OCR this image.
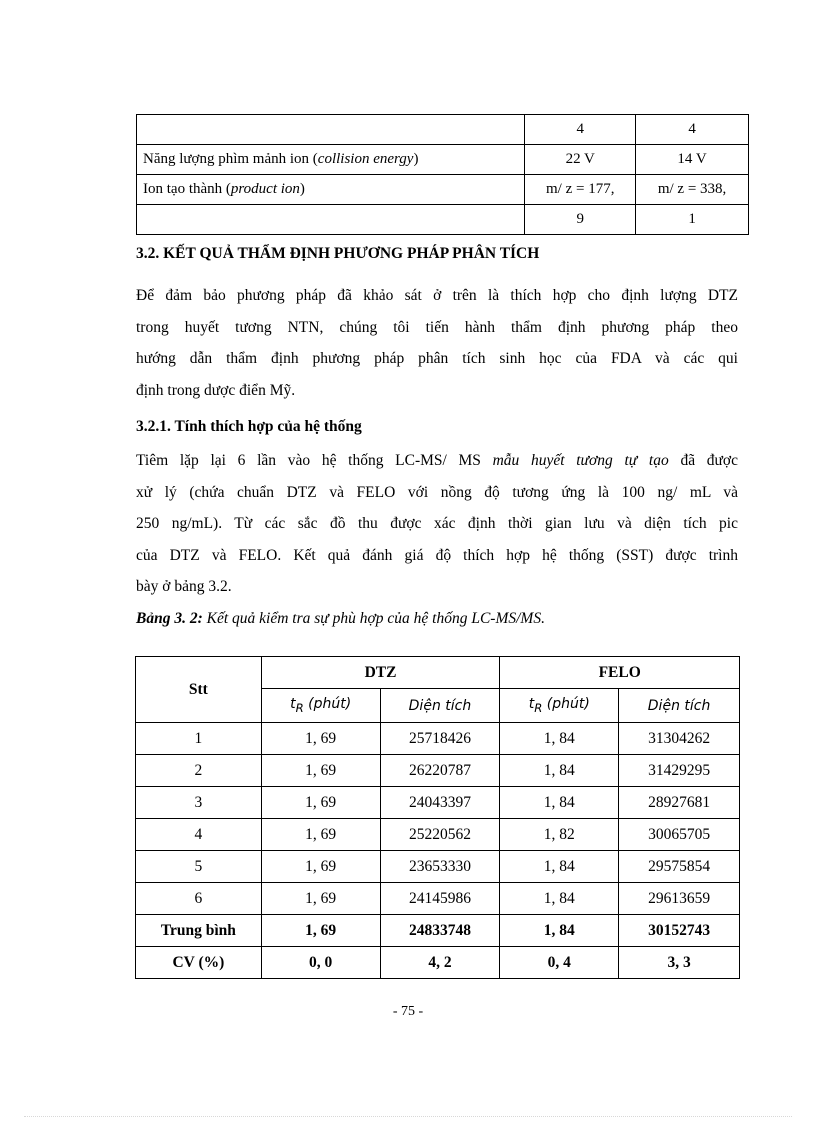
	4	4
Năng lượng phìm mảnh ion (collision energy)	22 V	14 V
Ion tạo thành (product ion)	m/ z = 177,	m/ z = 338,
	9	1
3.2. KẾT QUẢ THẨM ĐỊNH PHƯƠNG PHÁP PHÂN TÍCH
Để đảm bảo phương pháp đã khảo sát ở trên là thích hợp cho định lượng DTZ
trong huyết tương NTN, chúng tôi tiến hành thẩm định phương pháp theo
hướng dẫn thẩm định phương pháp phân tích sinh học của FDA và các qui
định trong dược điển Mỹ.
3.2.1. Tính thích hợp của hệ thống
Tiêm lặp lại 6 lần vào hệ thống LC-MS/ MS mẫu huyết tương tự tạo đã được
xử lý (chứa chuẩn DTZ và FELO với nồng độ tương ứng là 100 ng/ mL và
250 ng/mL). Từ các sắc đồ thu được xác định thời gian lưu và diện tích pic
của DTZ và FELO. Kết quả đánh giá độ thích hợp hệ thống (SST) được trình
bày ở bảng 3.2.
Bảng 3. 2: Kết quả kiểm tra sự phù hợp của hệ thống LC-MS/MS.
Stt	DTZ		FELO	
	$t_R$ (phút)	Diện tích	$t_R$ (phút)	Diện tích
1	1, 69	25718426	1, 84	31304262
2	1, 69	26220787	1, 84	31429295
3	1, 69	24043397	1, 84	28927681
4	1, 69	25220562	1, 82	30065705
5	1, 69	23653330	1, 84	29575854
6	1, 69	24145986	1, 84	29613659
Trung bình	1, 69	24833748	1, 84	30152743
CV (%)	0, 0	4, 2	0, 4	3, 3
- 75 -
